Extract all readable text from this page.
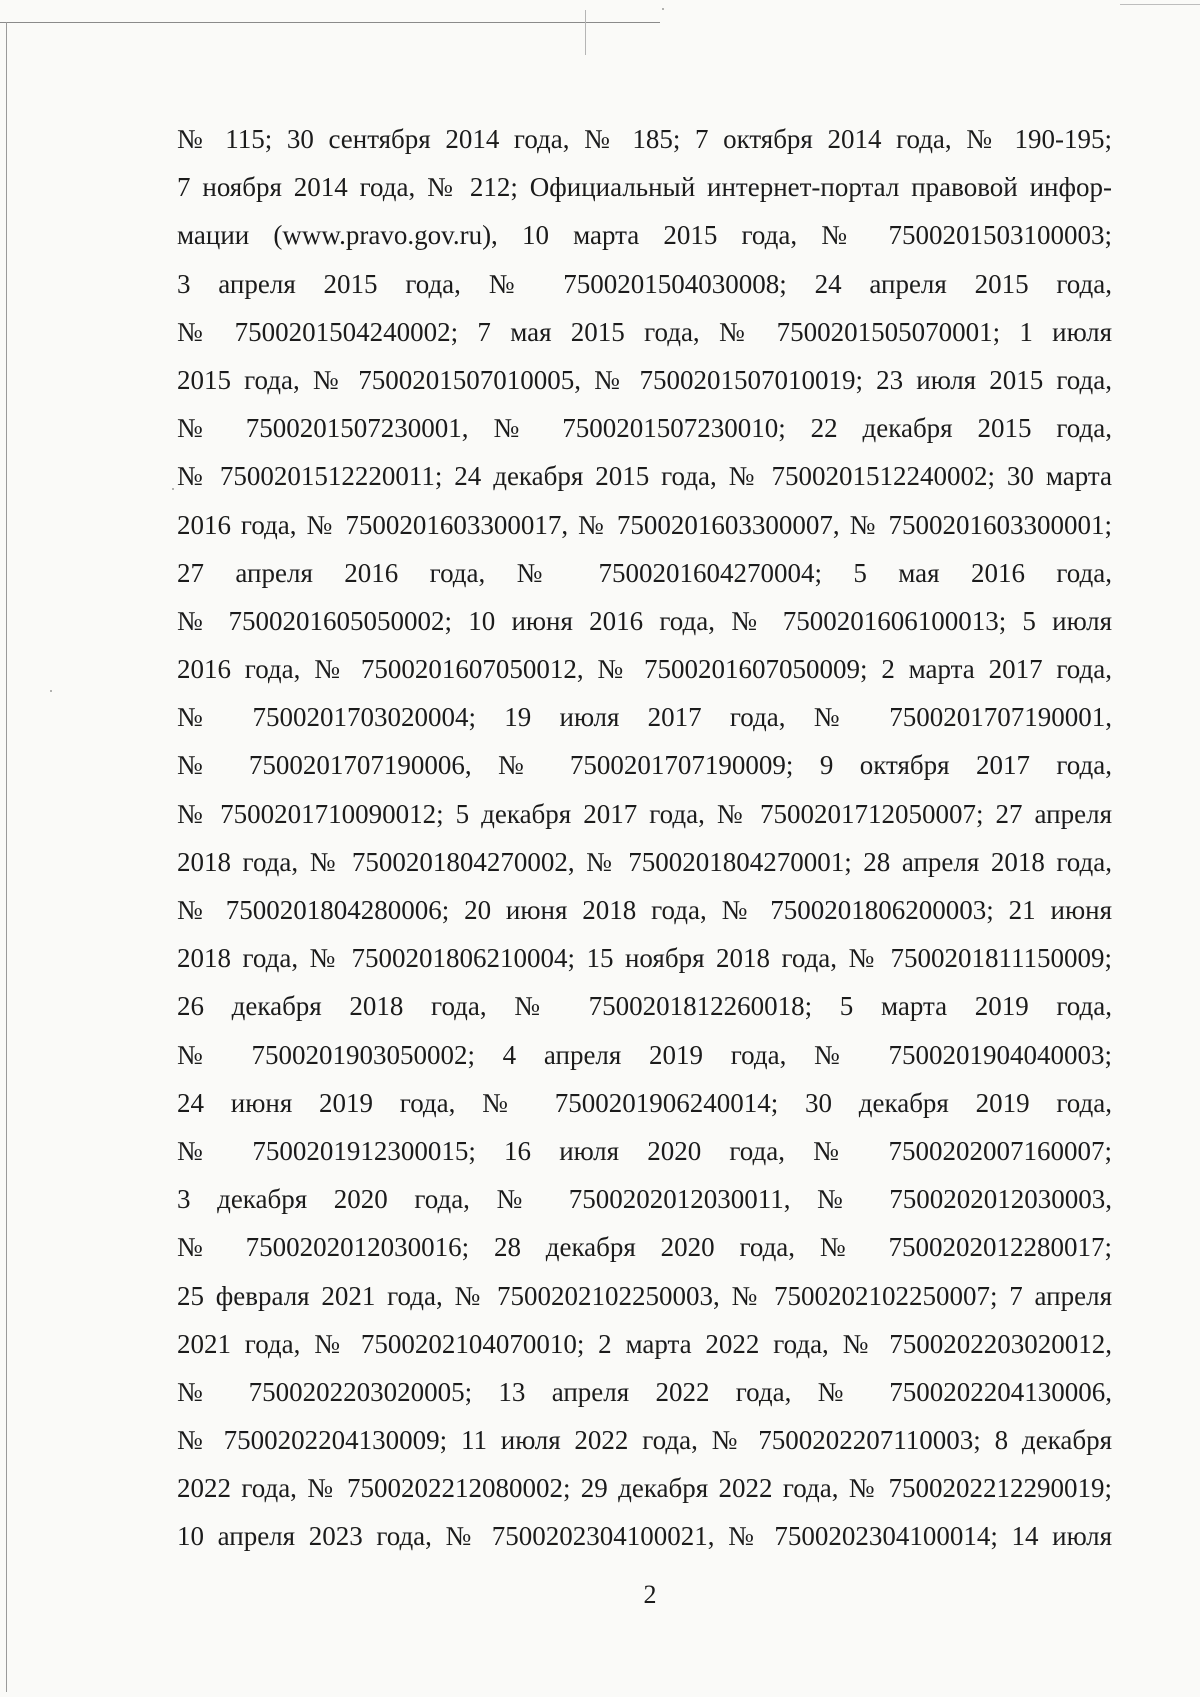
№ 115; 30 сентября 2014 года, № 185; 7 октября 2014 года, № 190-195;
7 ноября 2014 года, № 212; Официальный интернет-портал правовой инфор-
мации (www.pravo.gov.ru), 10 марта 2015 года, № 7500201503100003;
3 апреля 2015 года, № 7500201504030008; 24 апреля 2015 года,
№ 7500201504240002; 7 мая 2015 года, № 7500201505070001; 1 июля
2015 года, № 7500201507010005, № 7500201507010019; 23 июля 2015 года,
№ 7500201507230001, № 7500201507230010; 22 декабря 2015 года,
№ 7500201512220011; 24 декабря 2015 года, № 7500201512240002; 30 марта
2016 года, № 7500201603300017, № 7500201603300007, № 7500201603300001;
27 апреля 2016 года, № 7500201604270004; 5 мая 2016 года,
№ 7500201605050002; 10 июня 2016 года, № 7500201606100013; 5 июля
2016 года, № 7500201607050012, № 7500201607050009; 2 марта 2017 года,
№ 7500201703020004; 19 июля 2017 года, № 7500201707190001,
№ 7500201707190006, № 7500201707190009; 9 октября 2017 года,
№ 7500201710090012; 5 декабря 2017 года, № 7500201712050007; 27 апреля
2018 года, № 7500201804270002, № 7500201804270001; 28 апреля 2018 года,
№ 7500201804280006; 20 июня 2018 года, № 7500201806200003; 21 июня
2018 года, № 7500201806210004; 15 ноября 2018 года, № 7500201811150009;
26 декабря 2018 года, № 7500201812260018; 5 марта 2019 года,
№ 7500201903050002; 4 апреля 2019 года, № 7500201904040003;
24 июня 2019 года, № 7500201906240014; 30 декабря 2019 года,
№ 7500201912300015; 16 июля 2020 года, № 7500202007160007;
3 декабря 2020 года, № 7500202012030011, № 7500202012030003,
№ 7500202012030016; 28 декабря 2020 года, № 7500202012280017;
25 февраля 2021 года, № 7500202102250003, № 7500202102250007; 7 апреля
2021 года, № 7500202104070010; 2 марта 2022 года, № 7500202203020012,
№ 7500202203020005; 13 апреля 2022 года, № 7500202204130006,
№ 7500202204130009; 11 июля 2022 года, № 7500202207110003; 8 декабря
2022 года, № 7500202212080002; 29 декабря 2022 года, № 7500202212290019;
10 апреля 2023 года, № 7500202304100021, № 7500202304100014; 14 июля
2
